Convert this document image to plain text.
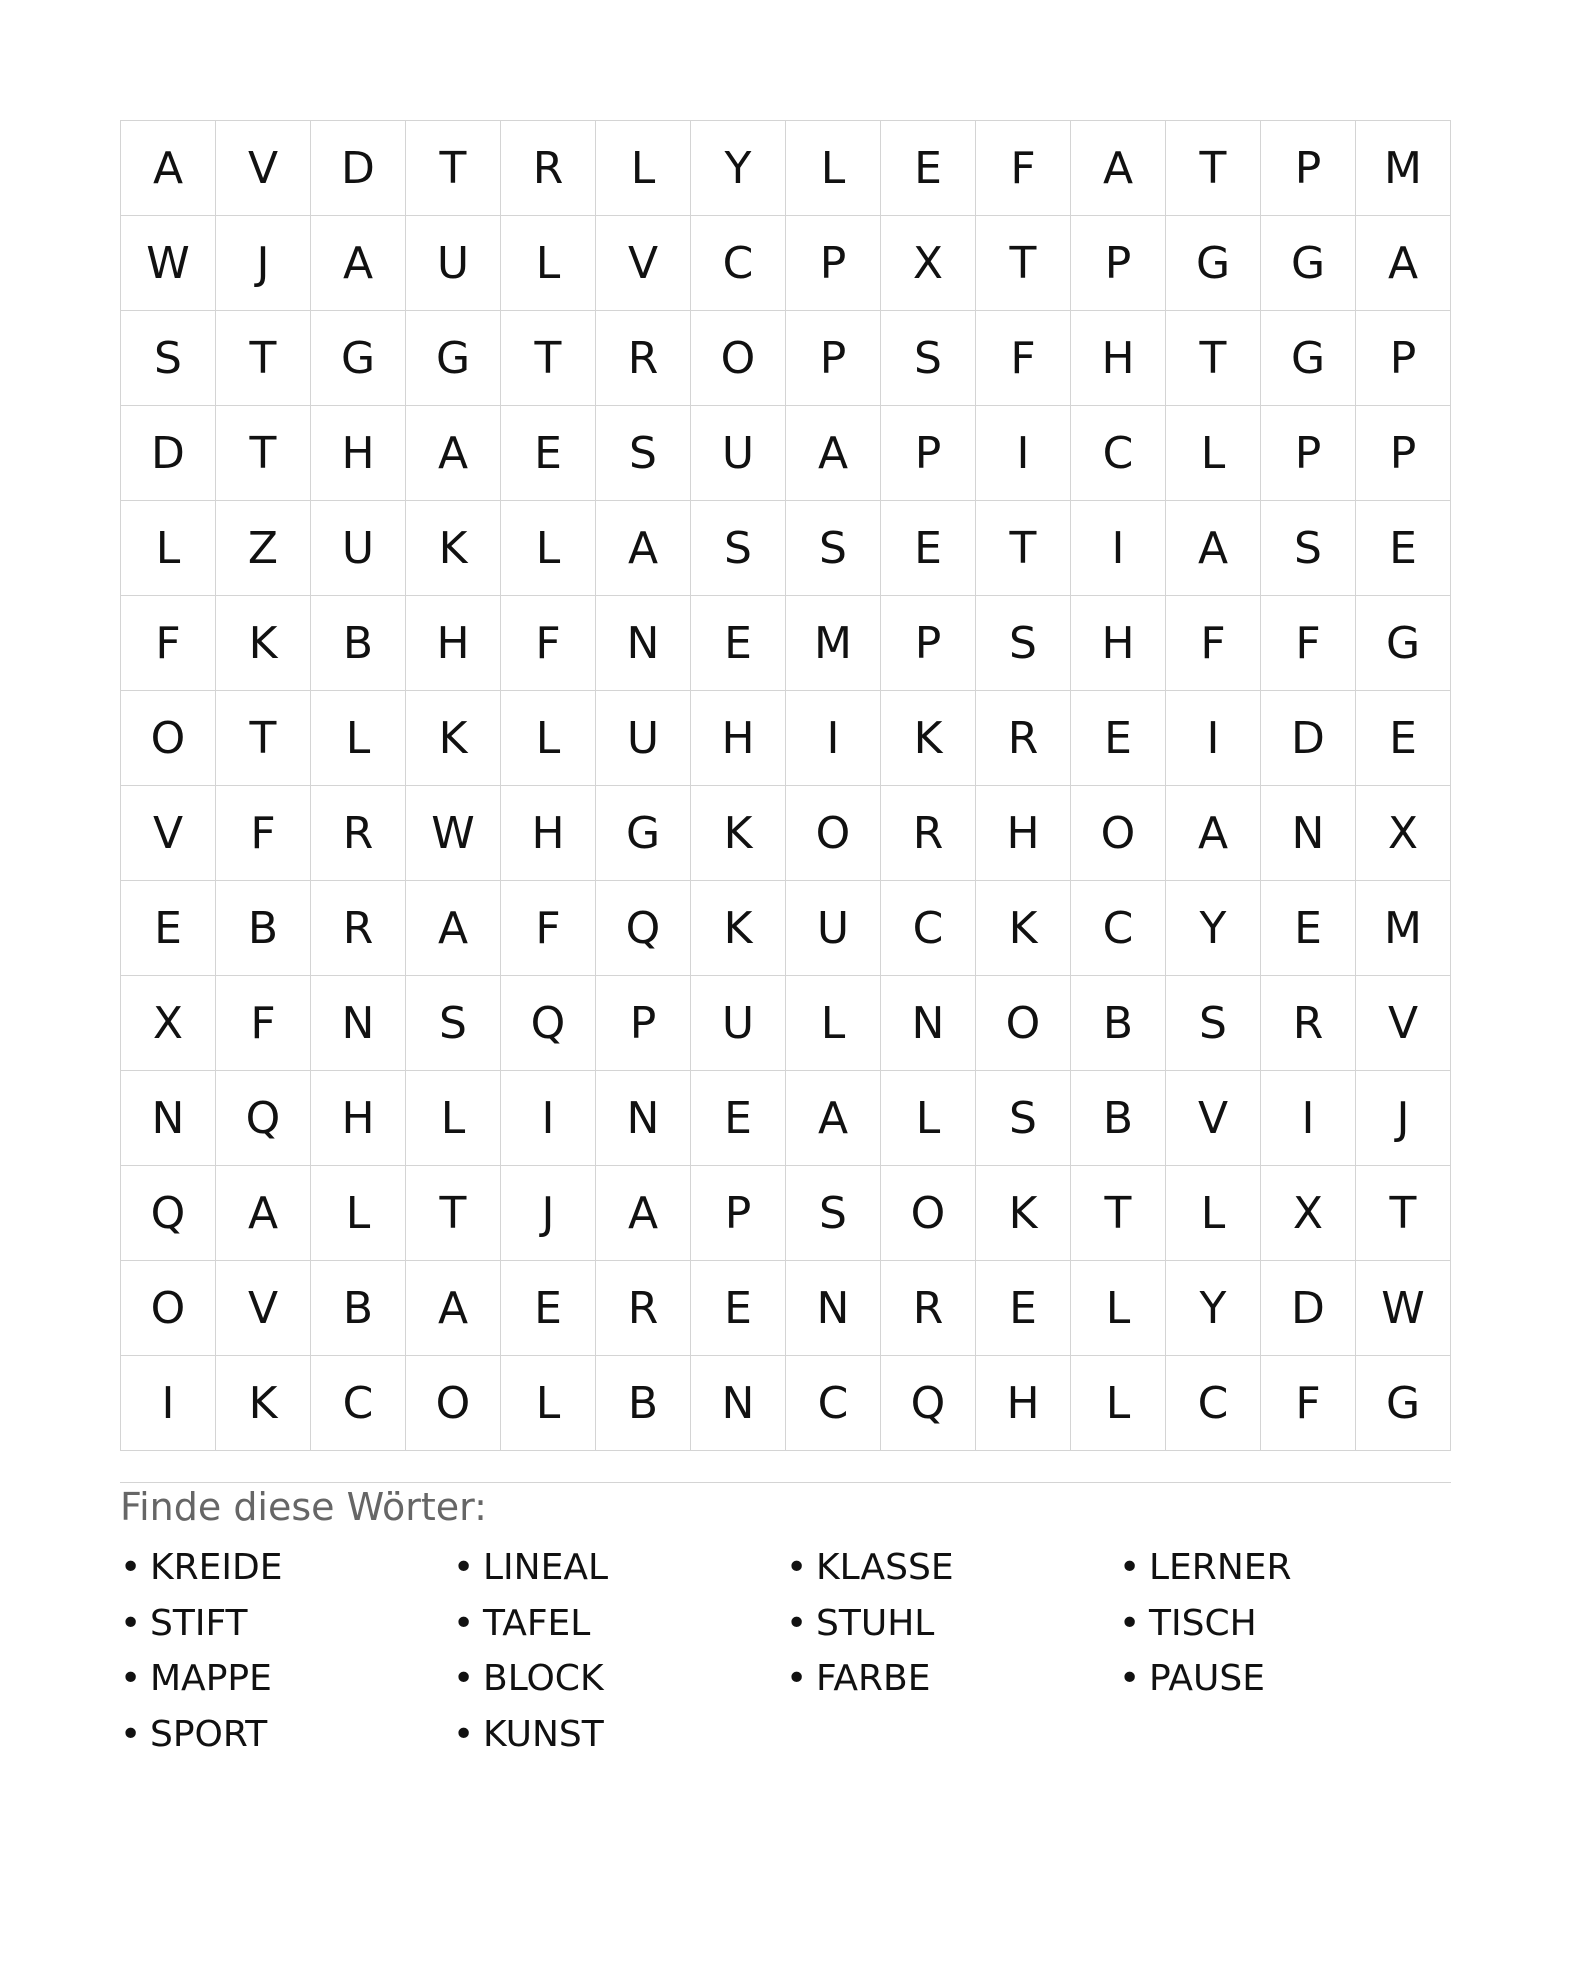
A	V	D	T	R	L	Y	L	E	F	A	T	P	M
W	J	A	U	L	V	C	P	X	T	P	G	G	A
S	T	G	G	T	R	O	P	S	F	H	T	G	P
D	T	H	A	E	S	U	A	P	I	C	L	P	P
L	Z	U	K	L	A	S	S	E	T	I	A	S	E
F	K	B	H	F	N	E	M	P	S	H	F	F	G
O	T	L	K	L	U	H	I	K	R	E	I	D	E
V	F	R	W	H	G	K	O	R	H	O	A	N	X
E	B	R	A	F	Q	K	U	C	K	C	Y	E	M
X	F	N	S	Q	P	U	L	N	O	B	S	R	V
N	Q	H	L	I	N	E	A	L	S	B	V	I	J
Q	A	L	T	J	A	P	S	O	K	T	L	X	T
O	V	B	A	E	R	E	N	R	E	L	Y	D	W
I	K	C	O	L	B	N	C	Q	H	L	C	F	G
Finde diese Wörter:
• KREIDE	• LINEAL	• KLASSE	• LERNER
• STIFT	• TAFEL	• STUHL	• TISCH
• MAPPE	• BLOCK	• FARBE	• PAUSE
• SPORT	• KUNST
